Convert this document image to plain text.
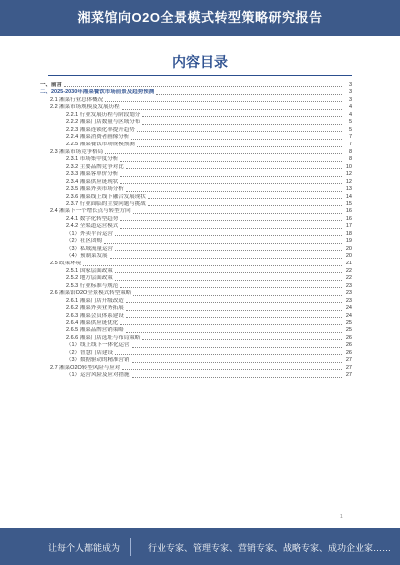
湘菜馆向O2O全景模式转型策略研究报告
内容目录
一、前言	3
二、2025-2030年湘菜餐饮市场前景及趋势预测	3
2.1 湘菜行业总体概况	3
2.2 湘菜市场规模及发展历程	4
2.2.1 行业发展历程与阶段划分	4
2.2.2 湘菜门店数量与区域分布	5
2.2.3 湘菜连锁化率提升趋势	5
2.2.4 湘菜消费者画像分析	7
2.2.5 湘菜餐饮市场规模预测	7
2.3 湘菜市场竞争格局	8
2.3.1 市场集中度分析	8
2.3.2 主要品牌竞争对比	10
2.3.3 湘菜客单价分析	12
2.3.4 湘菜供应链现状	12
2.3.5 湘菜外卖市场分析	13
2.3.6 湘菜线上线下融合发展现状	14
2.3.7 行业面临的主要问题与挑战	15
2.4 湘菜下一个增长点与转型方向	16
2.4.1 数字化转型趋势	16
2.4.2 全渠道运营模式	17
（1）外卖平台运营	18
（2）社区团购	19
（3）私域流量运营	20
（4）预制菜发展	20
2.5 政策环境	21
2.5.1 国家层面政策	22
2.5.2 地方层面政策	22
2.5.3 行业标准与规范	23
2.6 湘菜馆O2O全景模式转型策略	23
2.6.1 湘菜门店升级改造	23
2.6.2 湘菜外卖业务拓展	24
2.6.3 湘菜会员体系建设	24
2.6.4 湘菜供应链优化	25
2.6.5 湘菜品牌营销策略	25
2.6.6 湘菜门店选址与布局策略	26
（1）线上线下一体化运营	26
（2）智慧门店建设	26
（3）数据驱动的精准营销	27
2.7 湘菜O2O转型风险与应对	27
（1）运营风险及应对措施	27
1
让每个人都能成为	行业专家、管理专家、营销专家、战略专家、成功企业家……
